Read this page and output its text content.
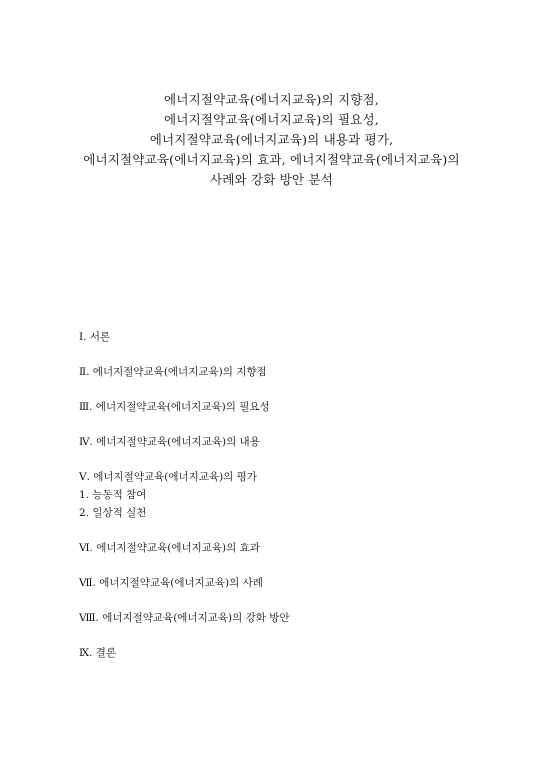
에너지절약교육(에너지교육)의 지향점,
에너지절약교육(에너지교육)의 필요성,
에너지절약교육(에너지교육)의 내용과 평가,
에너지절약교육(에너지교육)의 효과, 에너지절약교육(에너지교육)의
사례와 강화 방안 분석
Ⅰ. 서론
Ⅱ. 에너지절약교육(에너지교육)의 지향점
Ⅲ. 에너지절약교육(에너지교육)의 필요성
Ⅳ. 에너지절약교육(에너지교육)의 내용
Ⅴ. 에너지절약교육(에너지교육)의 평가
1. 능동적 참여
2. 일상적 실천
Ⅵ. 에너지절약교육(에너지교육)의 효과
Ⅶ. 에너지절약교육(에너지교육)의 사례
Ⅷ. 에너지절약교육(에너지교육)의 강화 방안
Ⅸ. 결론
